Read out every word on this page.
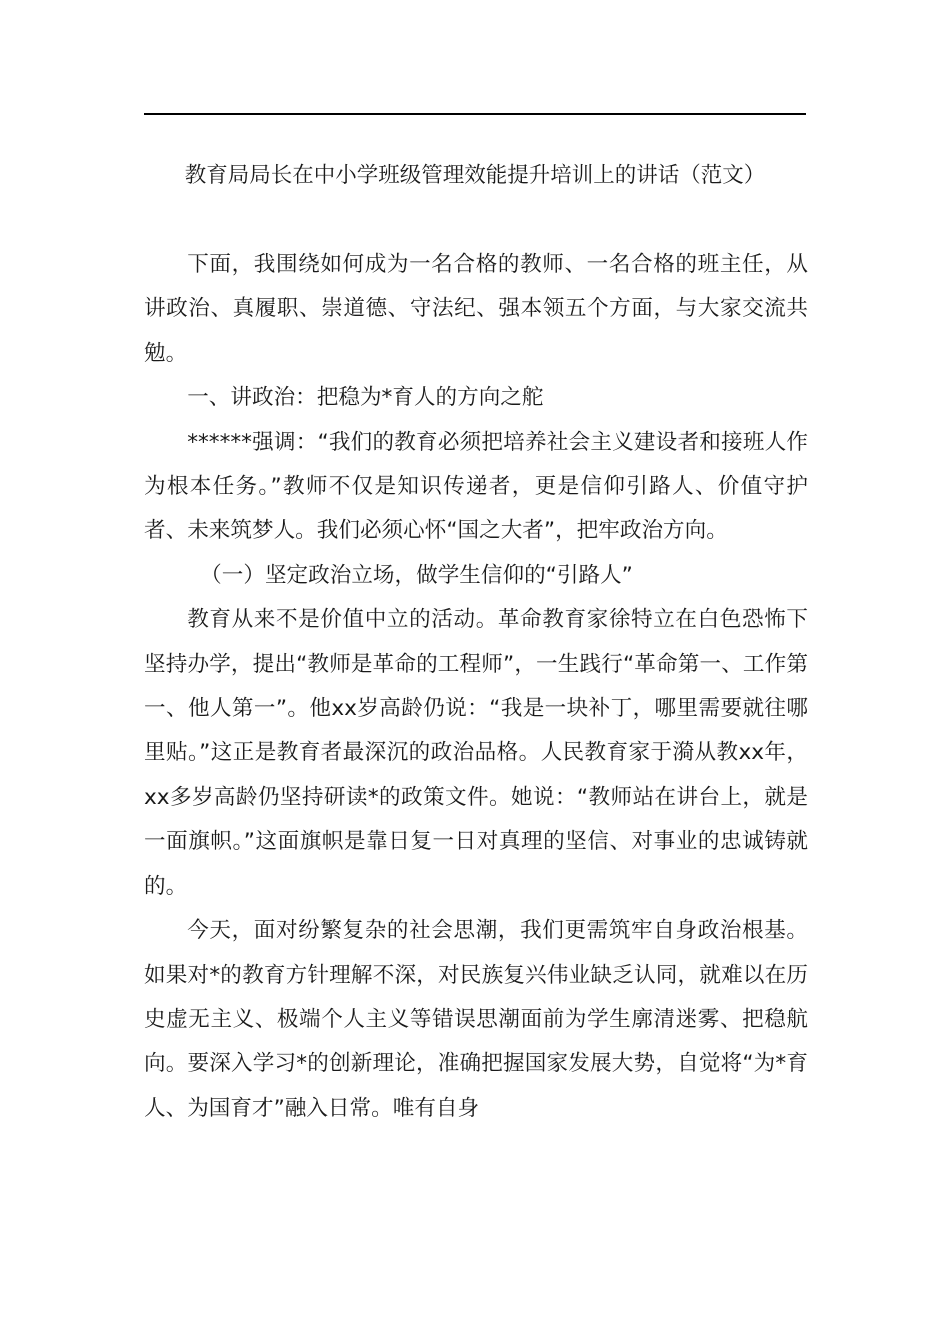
教育局局长在中小学班级管理效能提升培训上的讲话（范文）

下面，我围绕如何成为一名合格的教师、一名合格的班主任，从讲政治、真履职、崇道德、守法纪、强本领五个方面，与大家交流共勉。

一、讲政治：把稳为*育人的方向之舵

******强调：“我们的教育必须把培养社会主义建设者和接班人作为根本任务。”教师不仅是知识传递者，更是信仰引路人、价值守护者、未来筑梦人。我们必须心怀“国之大者”，把牢政治方向。

（一）坚定政治立场，做学生信仰的“引路人”

教育从来不是价值中立的活动。革命教育家徐特立在白色恐怖下坚持办学，提出“教师是革命的工程师”，一生践行“革命第一、工作第一、他人第一”。他xx岁高龄仍说：“我是一块补丁，哪里需要就往哪里贴。”这正是教育者最深沉的政治品格。人民教育家于漪从教xx年，xx多岁高龄仍坚持研读*的政策文件。她说：“教师站在讲台上，就是一面旗帜。”这面旗帜是靠日复一日对真理的坚信、对事业的忠诚铸就的。

今天，面对纷繁复杂的社会思潮，我们更需筑牢自身政治根基。如果对*的教育方针理解不深，对民族复兴伟业缺乏认同，就难以在历史虚无主义、极端个人主义等错误思潮面前为学生廓清迷雾、把稳航向。要深入学习*的创新理论，准确把握国家发展大势，自觉将“为*育人、为国育才”融入日常。唯有自身
